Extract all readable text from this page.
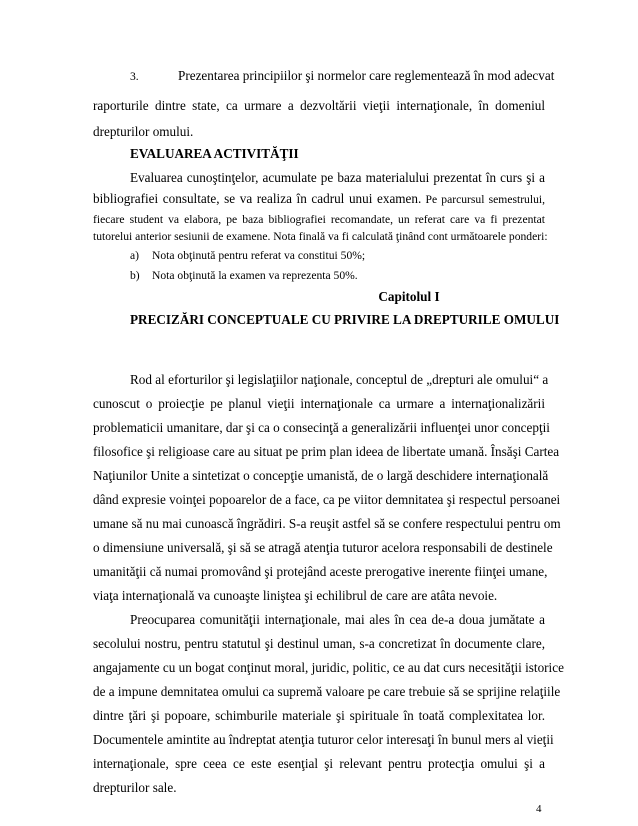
3.	Prezentarea principiilor şi normelor care reglementează în mod adecvat
raporturile dintre state, ca urmare a dezvoltării vieţii internaţionale, în domeniul
drepturilor omului.
EVALUAREA ACTIVITĂŢII
Evaluarea cunoştinţelor, acumulate pe baza materialului prezentat în curs şi a
bibliografiei consultate, se va realiza în cadrul unui examen. Pe parcursul semestrului,
fiecare student va elabora, pe baza bibliografiei recomandate, un referat care va fi prezentat
tutorelui anterior sesiunii de examene. Nota finală va fi calculată ţinând cont următoarele ponderi:
a) Nota obţinută pentru referat va constitui 50%;
b) Nota obţinută la examen va reprezenta 50%.
Capitolul I
PRECIZĂRI CONCEPTUALE CU PRIVIRE LA DREPTURILE OMULUI
Rod al eforturilor şi legislaţiilor naţionale, conceptul de „drepturi ale omului“ a
cunoscut o proiecţie pe planul vieţii internaţionale ca urmare a internaţionalizării
problematicii umanitare, dar şi ca o consecinţă a generalizării influenţei unor concepţii
filosofice şi religioase care au situat pe prim plan ideea de libertate umană. Însăşi Cartea
Naţiunilor Unite a sintetizat o concepţie umanistă, de o largă deschidere internaţională
dând expresie voinţei popoarelor de a face, ca pe viitor demnitatea şi respectul persoanei
umane să nu mai cunoască îngrădiri. S-a reuşit astfel să se confere respectului pentru om
o dimensiune universală, şi să se atragă atenţia tuturor acelora responsabili de destinele
umanităţii că numai promovând şi protejând aceste prerogative inerente fiinţei umane,
viaţa internaţională va cunoaşte liniştea şi echilibrul de care are atâta nevoie.
Preocuparea comunităţii internaţionale, mai ales în cea de-a doua jumătate a
secolului nostru, pentru statutul şi destinul uman, s-a concretizat în documente clare,
angajamente cu un bogat conţinut moral, juridic, politic, ce au dat curs necesităţii istorice
de a impune demnitatea omului ca supremă valoare pe care trebuie să se sprijine relaţiile
dintre ţări şi popoare, schimburile materiale şi spirituale în toată complexitatea lor.
Documentele amintite au îndreptat atenţia tuturor celor interesaţi în bunul mers al vieţii
internaţionale, spre ceea ce este esenţial şi relevant pentru protecţia omului şi a
drepturilor sale.
4
